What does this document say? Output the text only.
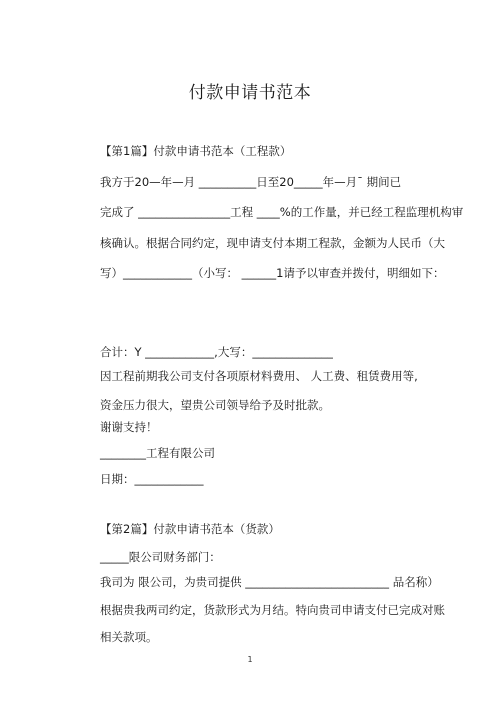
付款申请书范本
【第1篇】付款申请书范本（工程款）
我方于20—年—月 __________日至20_____年—月¯ 期间已
完成了 ________________工程 ____%的工作量，并已经工程监理机构审
核确认。根据合同约定，现申请支付本期工程款，金额为人民币（大
写）____________（小写： ______1请予以审查并拨付，明细如下：
合计：Y ____________,大写：______________
因工程前期我公司支付各项原材料费用、 人工费、租赁费用等,
资金压力很大，望贵公司领导给予及时批款。
谢谢支持！
________工程有限公司
日期：____________
【第2篇】付款申请书范本（货款）
_____限公司财务部门：
我司为 限公司，为贵司提供 _________________________ 品名称）
根据贵我两司约定，货款形式为月结。特向贵司申请支付已完成对账
相关款项。
1
